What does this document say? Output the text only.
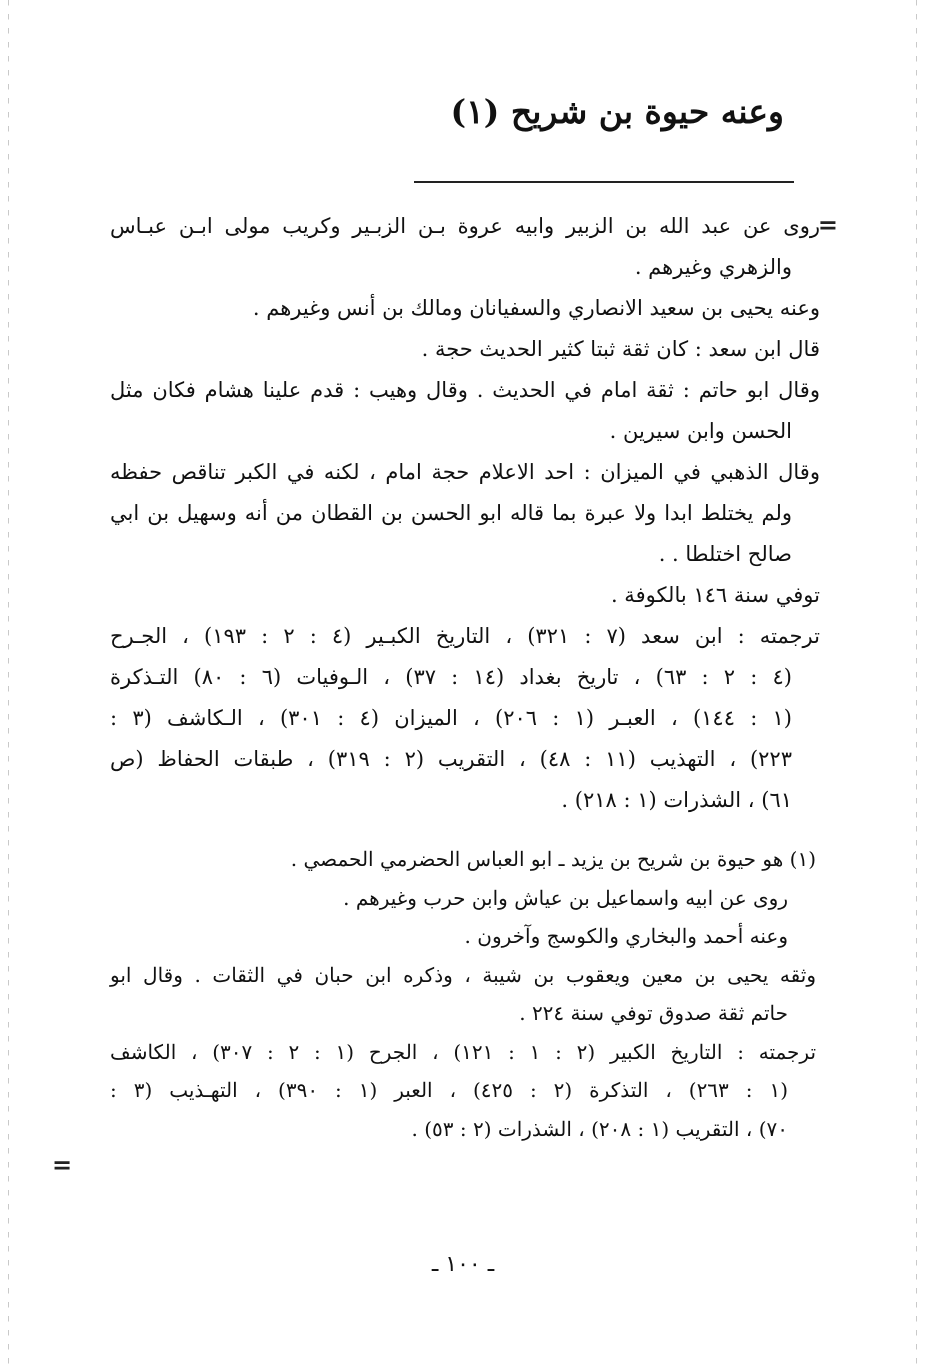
وعنه حيوة بن شريح (١)
=
=
روى عن عبد الله بن الزبير وابيه عروة بـن الزبـير وكريب مولى ابـن عبـاس
والزهري وغيرهم .
وعنه يحيى بن سعيد الانصاري والسفيانان ومالك بن أنس وغيرهم .
قال ابن سعد : كان ثقة ثبتا كثير الحديث حجة .
وقال ابو حاتم : ثقة امام في الحديث . وقال وهيب : قدم علينا هشام فكان مثل
الحسن وابن سيرين .
وقال الذهبي في الميزان : احد الاعلام حجة امام ، لكنه في الكبر تناقص حفظه
ولم يختلط ابدا ولا عبرة بما قاله ابو الحسن بن القطان من أنه وسهيل بن ابي
صالح اختلطا . .
توفي سنة ١٤٦ بالكوفة .
ترجمته : ابن سعد (٧ : ٣٢١) ، التاريخ الكبـير (٤ : ٢ : ١٩٣) ، الجـرح
(٤ : ٢ : ٦٣) ، تاريخ بغداد (١٤ : ٣٧) ، الـوفيات (٦ : ٨٠) التـذكرة
(١ : ١٤٤) ، العبـر (١ : ٢٠٦) ، الميزان (٤ : ٣٠١) ، الـكاشف (٣ :
٢٢٣) ، التهذيب (١١ : ٤٨) ، التقريب (٢ : ٣١٩) ، طبقات الحفاظ (ص
٦١) ، الشذرات (١ : ٢١٨) .
(١) هو حيوة بن شريح بن يزيد ـ ابو العباس الحضرمي الحمصي .
روى عن ابيه واسماعيل بن عياش وابن حرب وغيرهم .
وعنه أحمد والبخاري والكوسج وآخرون .
وثقه يحيى بن معين ويعقوب بن شيبة ، وذكره ابن حبان في الثقات . وقال ابو
حاتم ثقة صدوق توفي سنة ٢٢٤ .
ترجمته : التاريخ الكبير (٢ : ١ : ١٢١) ، الجرح (١ : ٢ : ٣٠٧) ، الكاشف
(١ : ٢٦٣) ، التذكرة (٢ : ٤٢٥) ، العبر (١ : ٣٩٠) ، التهـذيب (٣ :
٧٠) ، التقريب (١ : ٢٠٨) ، الشذرات (٢ : ٥٣) .
ـ ١٠٠ ـ
